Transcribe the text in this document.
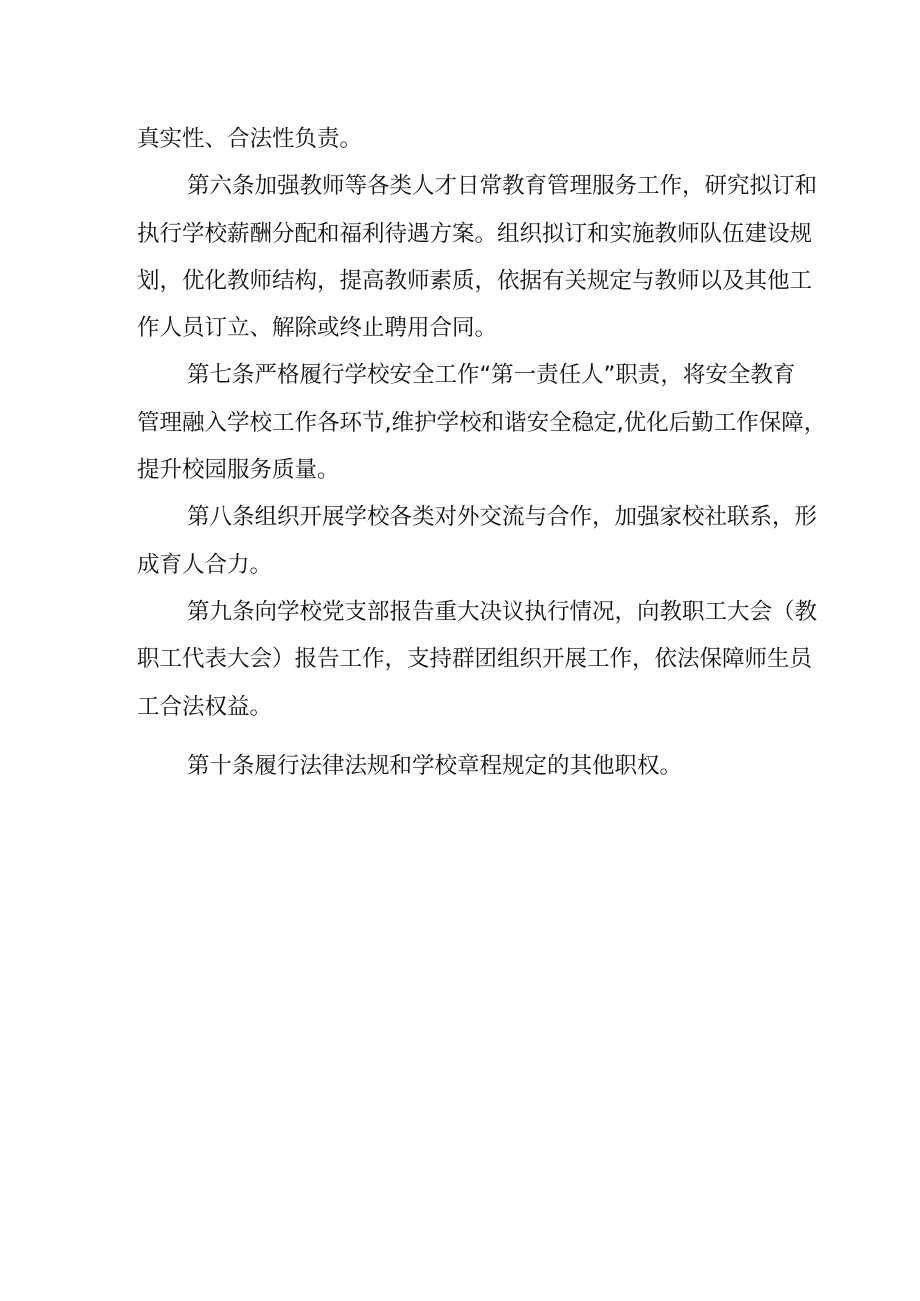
真实性、合法性负责。
第六条加强教师等各类人才日常教育管理服务工作，研究拟订和
执行学校薪酬分配和福利待遇方案。组织拟订和实施教师队伍建设规
划，优化教师结构，提高教师素质，依据有关规定与教师以及其他工
作人员订立、解除或终止聘用合同。
第七条严格履行学校安全工作“第一责任人”职责，将安全教育
管理融入学校工作各环节,维护学校和谐安全稳定,优化后勤工作保障，
提升校园服务质量。
第八条组织开展学校各类对外交流与合作，加强家校社联系，形
成育人合力。
第九条向学校党支部报告重大决议执行情况，向教职工大会（教
职工代表大会）报告工作，支持群团组织开展工作，依法保障师生员
工合法权益。
第十条履行法律法规和学校章程规定的其他职权。
